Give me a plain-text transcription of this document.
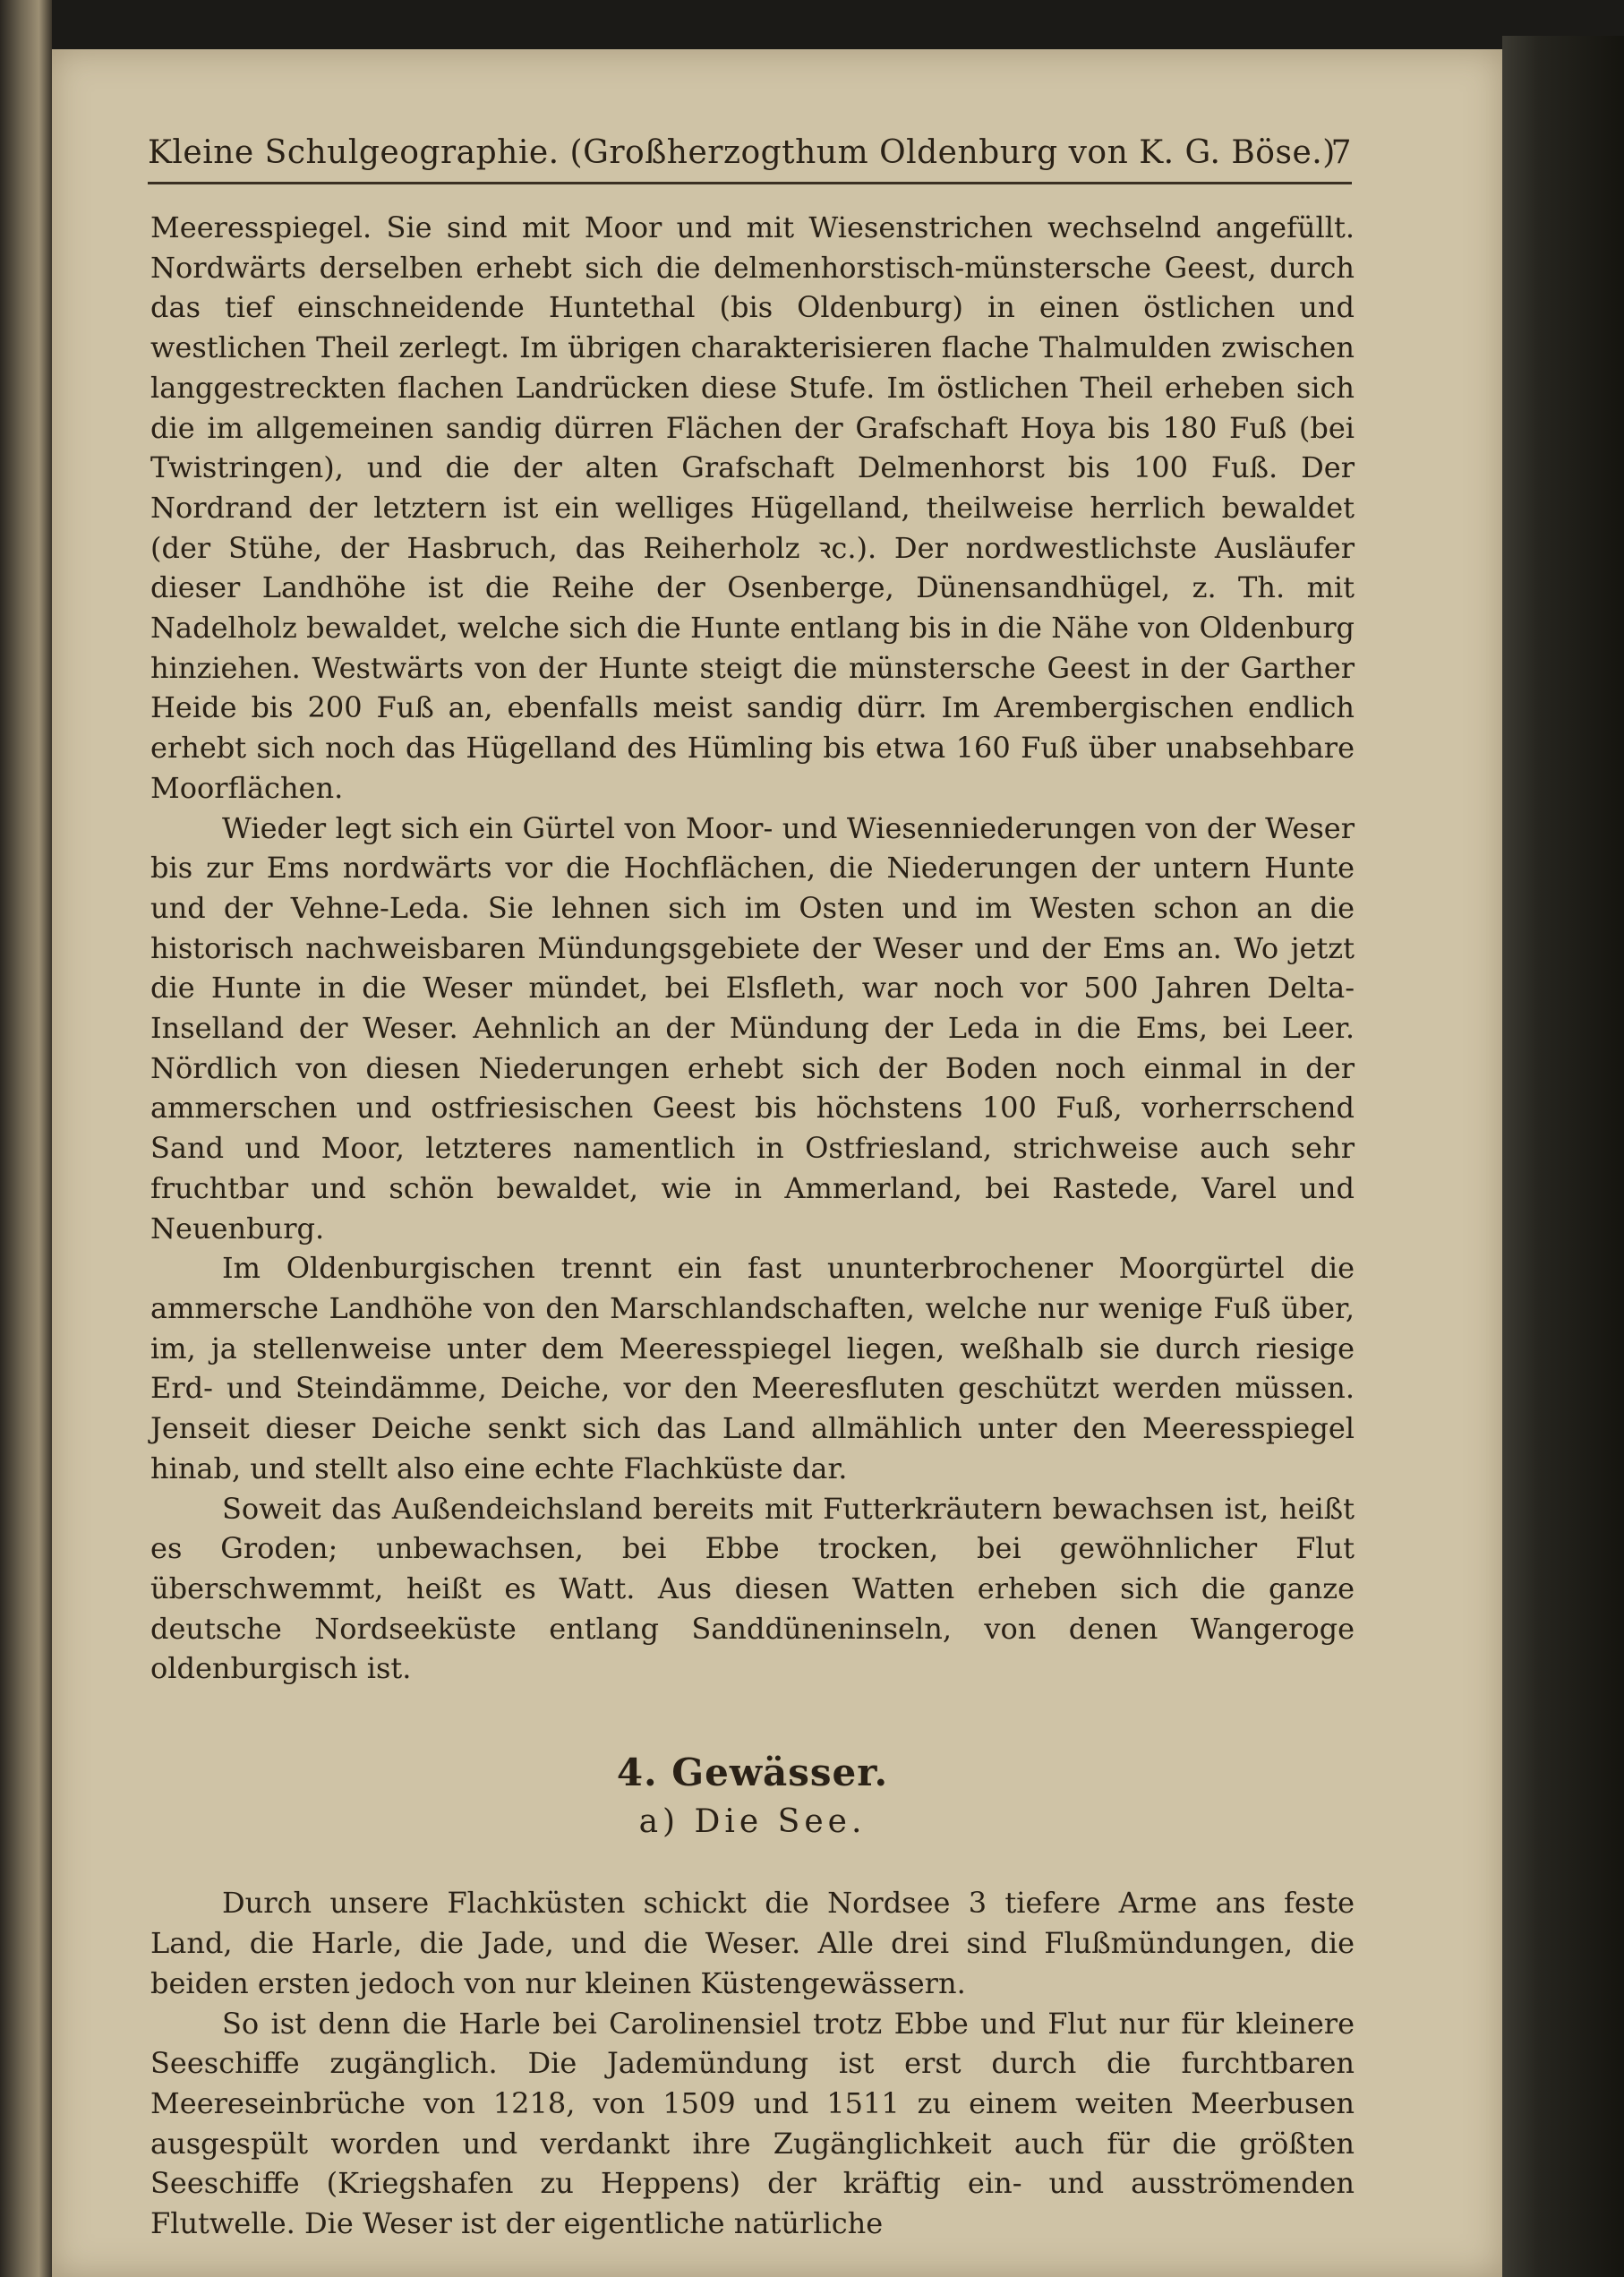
Kleine Schulgeographie. (Großherzogthum Oldenburg von K. G. Böse.)
7

Meeresspiegel. Sie sind mit Moor und mit Wiesenstrichen wechselnd angefüllt. Nordwärts derselben erhebt sich die delmenhorstisch-münstersche Geest, durch das tief einschneidende Huntethal (bis Oldenburg) in einen östlichen und westlichen Theil zerlegt. Im übrigen charakterisieren flache Thalmulden zwischen langgestreckten flachen Landrücken diese Stufe. Im östlichen Theil erheben sich die im allgemeinen sandig dürren Flächen der Grafschaft Hoya bis 180 Fuß (bei Twistringen), und die der alten Grafschaft Delmenhorst bis 100 Fuß. Der Nordrand der letztern ist ein welliges Hügelland, theilweise herrlich bewaldet (der Stühe, der Hasbruch, das Reiherholz ꝛc.). Der nordwestlichste Ausläufer dieser Landhöhe ist die Reihe der Osenberge, Dünensandhügel, z. Th. mit Nadelholz bewaldet, welche sich die Hunte entlang bis in die Nähe von Oldenburg hinziehen. Westwärts von der Hunte steigt die münstersche Geest in der Garther Heide bis 200 Fuß an, ebenfalls meist sandig dürr. Im Arembergischen endlich erhebt sich noch das Hügelland des Hümling bis etwa 160 Fuß über unabsehbare Moorflächen.

Wieder legt sich ein Gürtel von Moor- und Wiesenniederungen von der Weser bis zur Ems nordwärts vor die Hochflächen, die Niederungen der untern Hunte und der Vehne-Leda. Sie lehnen sich im Osten und im Westen schon an die historisch nachweisbaren Mündungsgebiete der Weser und der Ems an. Wo jetzt die Hunte in die Weser mündet, bei Elsfleth, war noch vor 500 Jahren Delta-Inselland der Weser. Aehnlich an der Mündung der Leda in die Ems, bei Leer. Nördlich von diesen Niederungen erhebt sich der Boden noch einmal in der ammerschen und ostfriesischen Geest bis höchstens 100 Fuß, vorherrschend Sand und Moor, letzteres namentlich in Ostfriesland, strichweise auch sehr fruchtbar und schön bewaldet, wie in Ammerland, bei Rastede, Varel und Neuenburg.

Im Oldenburgischen trennt ein fast ununterbrochener Moorgürtel die ammersche Landhöhe von den Marschlandschaften, welche nur wenige Fuß über, im, ja stellenweise unter dem Meeresspiegel liegen, weßhalb sie durch riesige Erd- und Steindämme, Deiche, vor den Meeresfluten geschützt werden müssen. Jenseit dieser Deiche senkt sich das Land allmählich unter den Meeresspiegel hinab, und stellt also eine echte Flachküste dar.

Soweit das Außendeichsland bereits mit Futterkräutern bewachsen ist, heißt es Groden; unbewachsen, bei Ebbe trocken, bei gewöhnlicher Flut überschwemmt, heißt es Watt. Aus diesen Watten erheben sich die ganze deutsche Nordseeküste entlang Sanddüneninseln, von denen Wangeroge oldenburgisch ist.

4. Gewässer.
a) Die See.

Durch unsere Flachküsten schickt die Nordsee 3 tiefere Arme ans feste Land, die Harle, die Jade, und die Weser. Alle drei sind Flußmündungen, die beiden ersten jedoch von nur kleinen Küstengewässern.

So ist denn die Harle bei Carolinensiel trotz Ebbe und Flut nur für kleinere Seeschiffe zugänglich. Die Jademündung ist erst durch die furchtbaren Meereseinbrüche von 1218, von 1509 und 1511 zu einem weiten Meerbusen ausgespült worden und verdankt ihre Zugänglichkeit auch für die größten Seeschiffe (Kriegshafen zu Heppens) der kräftig ein- und ausströmenden Flutwelle. Die Weser ist der eigentliche natürliche
